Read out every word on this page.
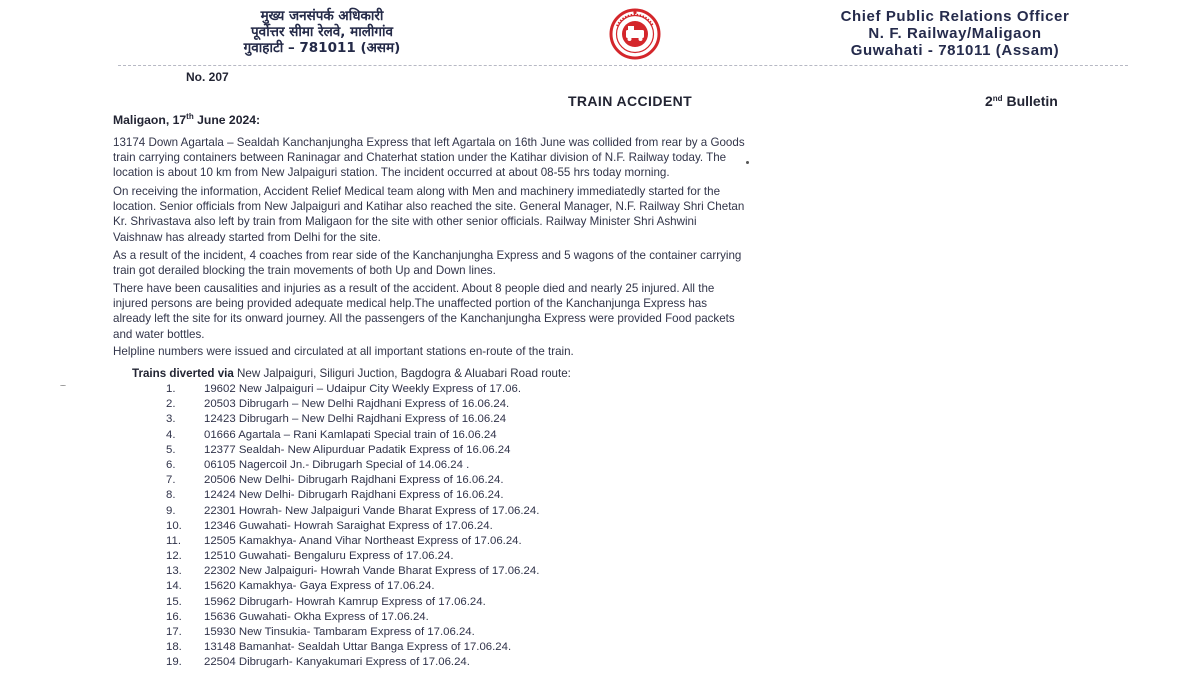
मुख्य जनसंपर्क अधिकारी
पूर्वोत्तर सीमा रेलवे, मालीगांव
गुवाहाटी – 781011 (असम)
Chief Public Relations Officer
N. F. Railway/Maligaon
Guwahati - 781011 (Assam)
No. 207
TRAIN ACCIDENT	2nd Bulletin
Maligaon, 17th June 2024:
13174 Down Agartala – Sealdah Kanchanjungha Express that left Agartala on 16th June was collided from rear by a Goods
train carrying containers between Raninagar and Chaterhat station under the Katihar division of N.F. Railway today. The
location is about 10 km from New Jalpaiguri station. The incident occurred at about 08-55 hrs today morning.
On receiving the information, Accident Relief Medical team along with Men and machinery immediatedly started for the
location. Senior officials from New Jalpaiguri and Katihar also reached the site. General Manager, N.F. Railway Shri Chetan
Kr. Shrivastava also left by train from Maligaon for the site with other senior officials. Railway Minister Shri Ashwini
Vaishnaw has already started from Delhi for the site.
As a result of the incident, 4 coaches from rear side of the Kanchanjungha Express and 5 wagons of the container carrying
train got derailed blocking the train movements of both Up and Down lines.
There have been causalities and injuries as a result of the accident. About 8 people died and nearly 25 injured. All the
injured persons are being provided adequate medical help.The unaffected portion of the Kanchanjunga Express has
already left the site for its onward journey. All the passengers of the Kanchanjungha Express were provided Food packets
and water bottles.
Helpline numbers were issued and circulated at all important stations en-route of the train.
Trains diverted via New Jalpaiguri, Siliguri Juction, Bagdogra & Aluabari Road route:
1.	19602 New Jalpaiguri – Udaipur City Weekly Express of 17.06.
2.	20503 Dibrugarh – New Delhi Rajdhani Express of 16.06.24.
3.	12423 Dibrugarh – New Delhi Rajdhani Express of 16.06.24
4.	01666 Agartala – Rani Kamlapati Special train of 16.06.24
5.	12377 Sealdah- New Alipurduar Padatik Express of 16.06.24
6.	06105 Nagercoil Jn.- Dibrugarh Special of 14.06.24 .
7.	20506 New Delhi- Dibrugarh Rajdhani Express of 16.06.24.
8.	12424 New Delhi- Dibrugarh Rajdhani Express of 16.06.24.
9.	22301 Howrah- New Jalpaiguri Vande Bharat Express of 17.06.24.
10.	12346 Guwahati- Howrah Saraighat Express of 17.06.24.
11.	12505 Kamakhya- Anand Vihar Northeast Express of 17.06.24.
12.	12510 Guwahati- Bengaluru Express of 17.06.24.
13.	22302 New Jalpaiguri- Howrah Vande Bharat Express of 17.06.24.
14.	15620 Kamakhya- Gaya Express of 17.06.24.
15.	15962 Dibrugarh- Howrah Kamrup Express of 17.06.24.
16.	15636 Guwahati- Okha Express of 17.06.24.
17.	15930 New Tinsukia- Tambaram Express of 17.06.24.
18.	13148 Bamanhat- Sealdah Uttar Banga Express of 17.06.24.
19.	22504 Dibrugarh- Kanyakumari Express of 17.06.24.
